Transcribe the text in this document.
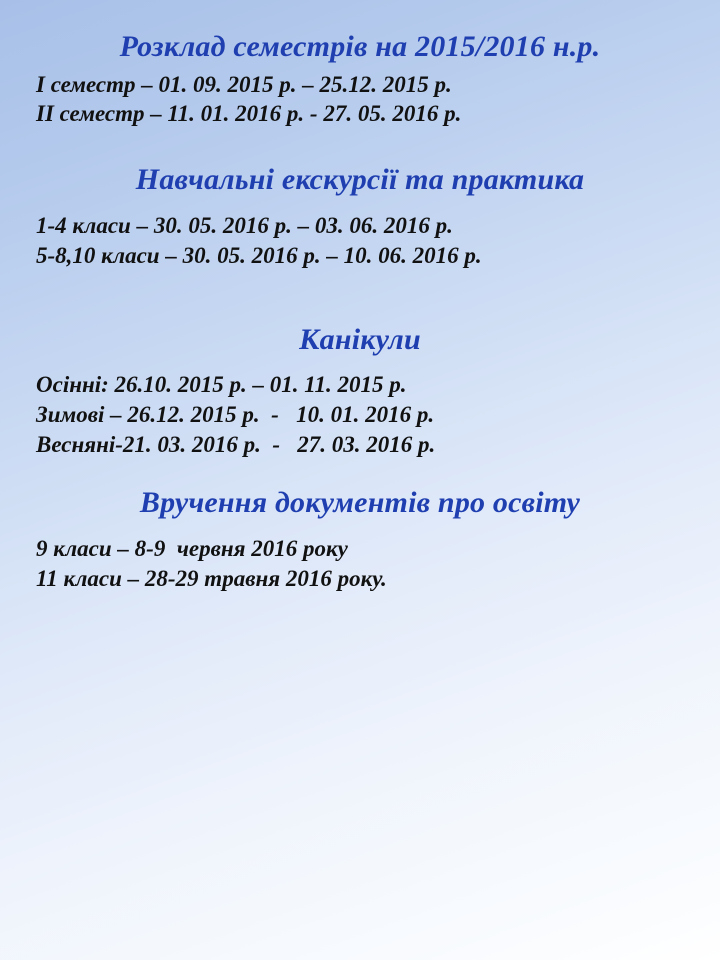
Розклад семестрів на 2015/2016 н.р.
I семестр – 01. 09. 2015 р. – 25.12. 2015 р.
II семестр – 11. 01. 2016 р. - 27. 05. 2016 р.
Навчальні екскурсії та практика
1-4 класи – 30. 05. 2016 р. – 03. 06. 2016 р.
5-8,10 класи – 30. 05. 2016 р. – 10. 06. 2016 р.
Канікули
Осінні: 26.10. 2015 р. – 01. 11. 2015 р.
Зимові – 26.12. 2015 р.  -   10. 01. 2016 р.
Весняні-21. 03. 2016 р.  -   27. 03. 2016 р.
Вручення документів про освіту
9 класи – 8-9  червня 2016 року
11 класи – 28-29 травня 2016 року.
